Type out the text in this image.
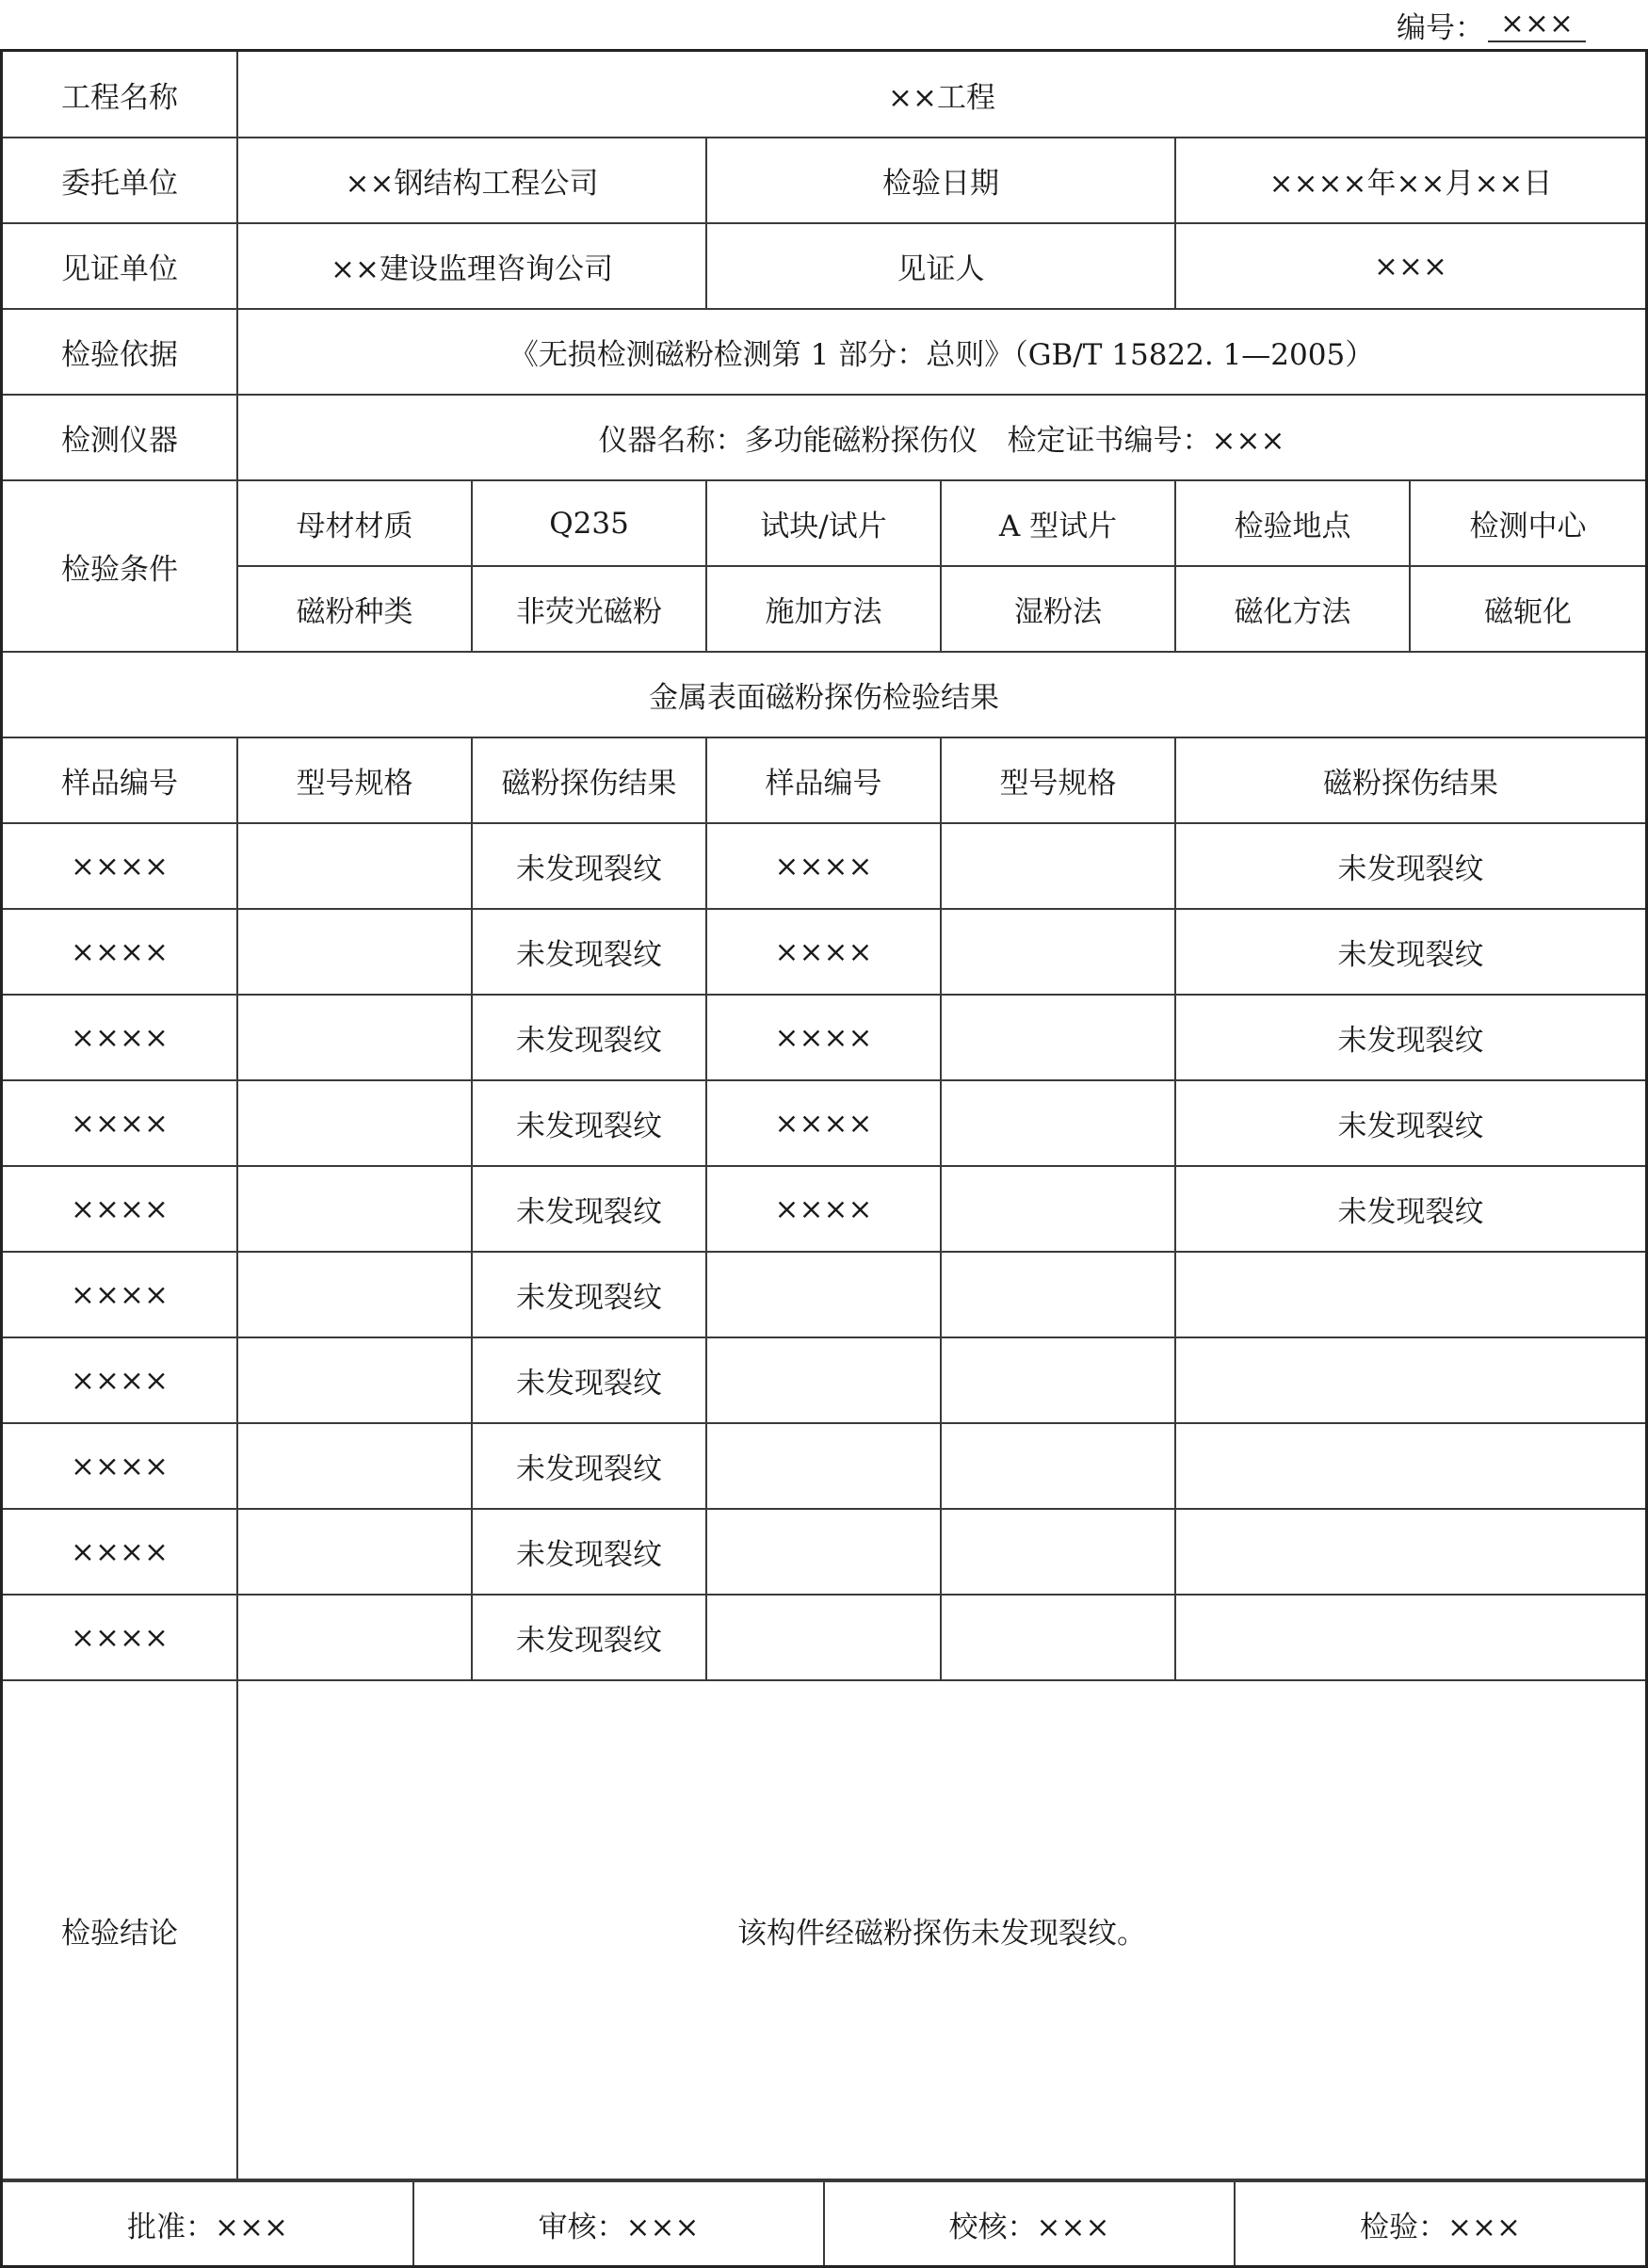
编号： ×××
工程名称	××工程					
委托单位	××钢结构工程公司		检验日期		××××年××月××日	
见证单位	××建设监理咨询公司		见证人		×××	
检验依据	《无损检测磁粉检测第 1 部分：总则》（GB/T 15822. 1—2005）					
检测仪器	仪器名称：多功能磁粉探伤仪　检定证书编号：×××					
检验条件	母材材质	Q235	试块/试片	A 型试片	检验地点	检测中心
	磁粉种类	非荧光磁粉	施加方法	湿粉法	磁化方法	磁轭化
金属表面磁粉探伤检验结果						
样品编号	型号规格	磁粉探伤结果	样品编号	型号规格	磁粉探伤结果	
××××		未发现裂纹	××××		未发现裂纹	
××××		未发现裂纹	××××		未发现裂纹	
××××		未发现裂纹	××××		未发现裂纹	
××××		未发现裂纹	××××		未发现裂纹	
××××		未发现裂纹	××××		未发现裂纹	
××××		未发现裂纹				
××××		未发现裂纹				
××××		未发现裂纹				
××××		未发现裂纹				
××××		未发现裂纹				
检验结论	该构件经磁粉探伤未发现裂纹。					
批准：×××	审核：×××	校核：×××	检验：×××
